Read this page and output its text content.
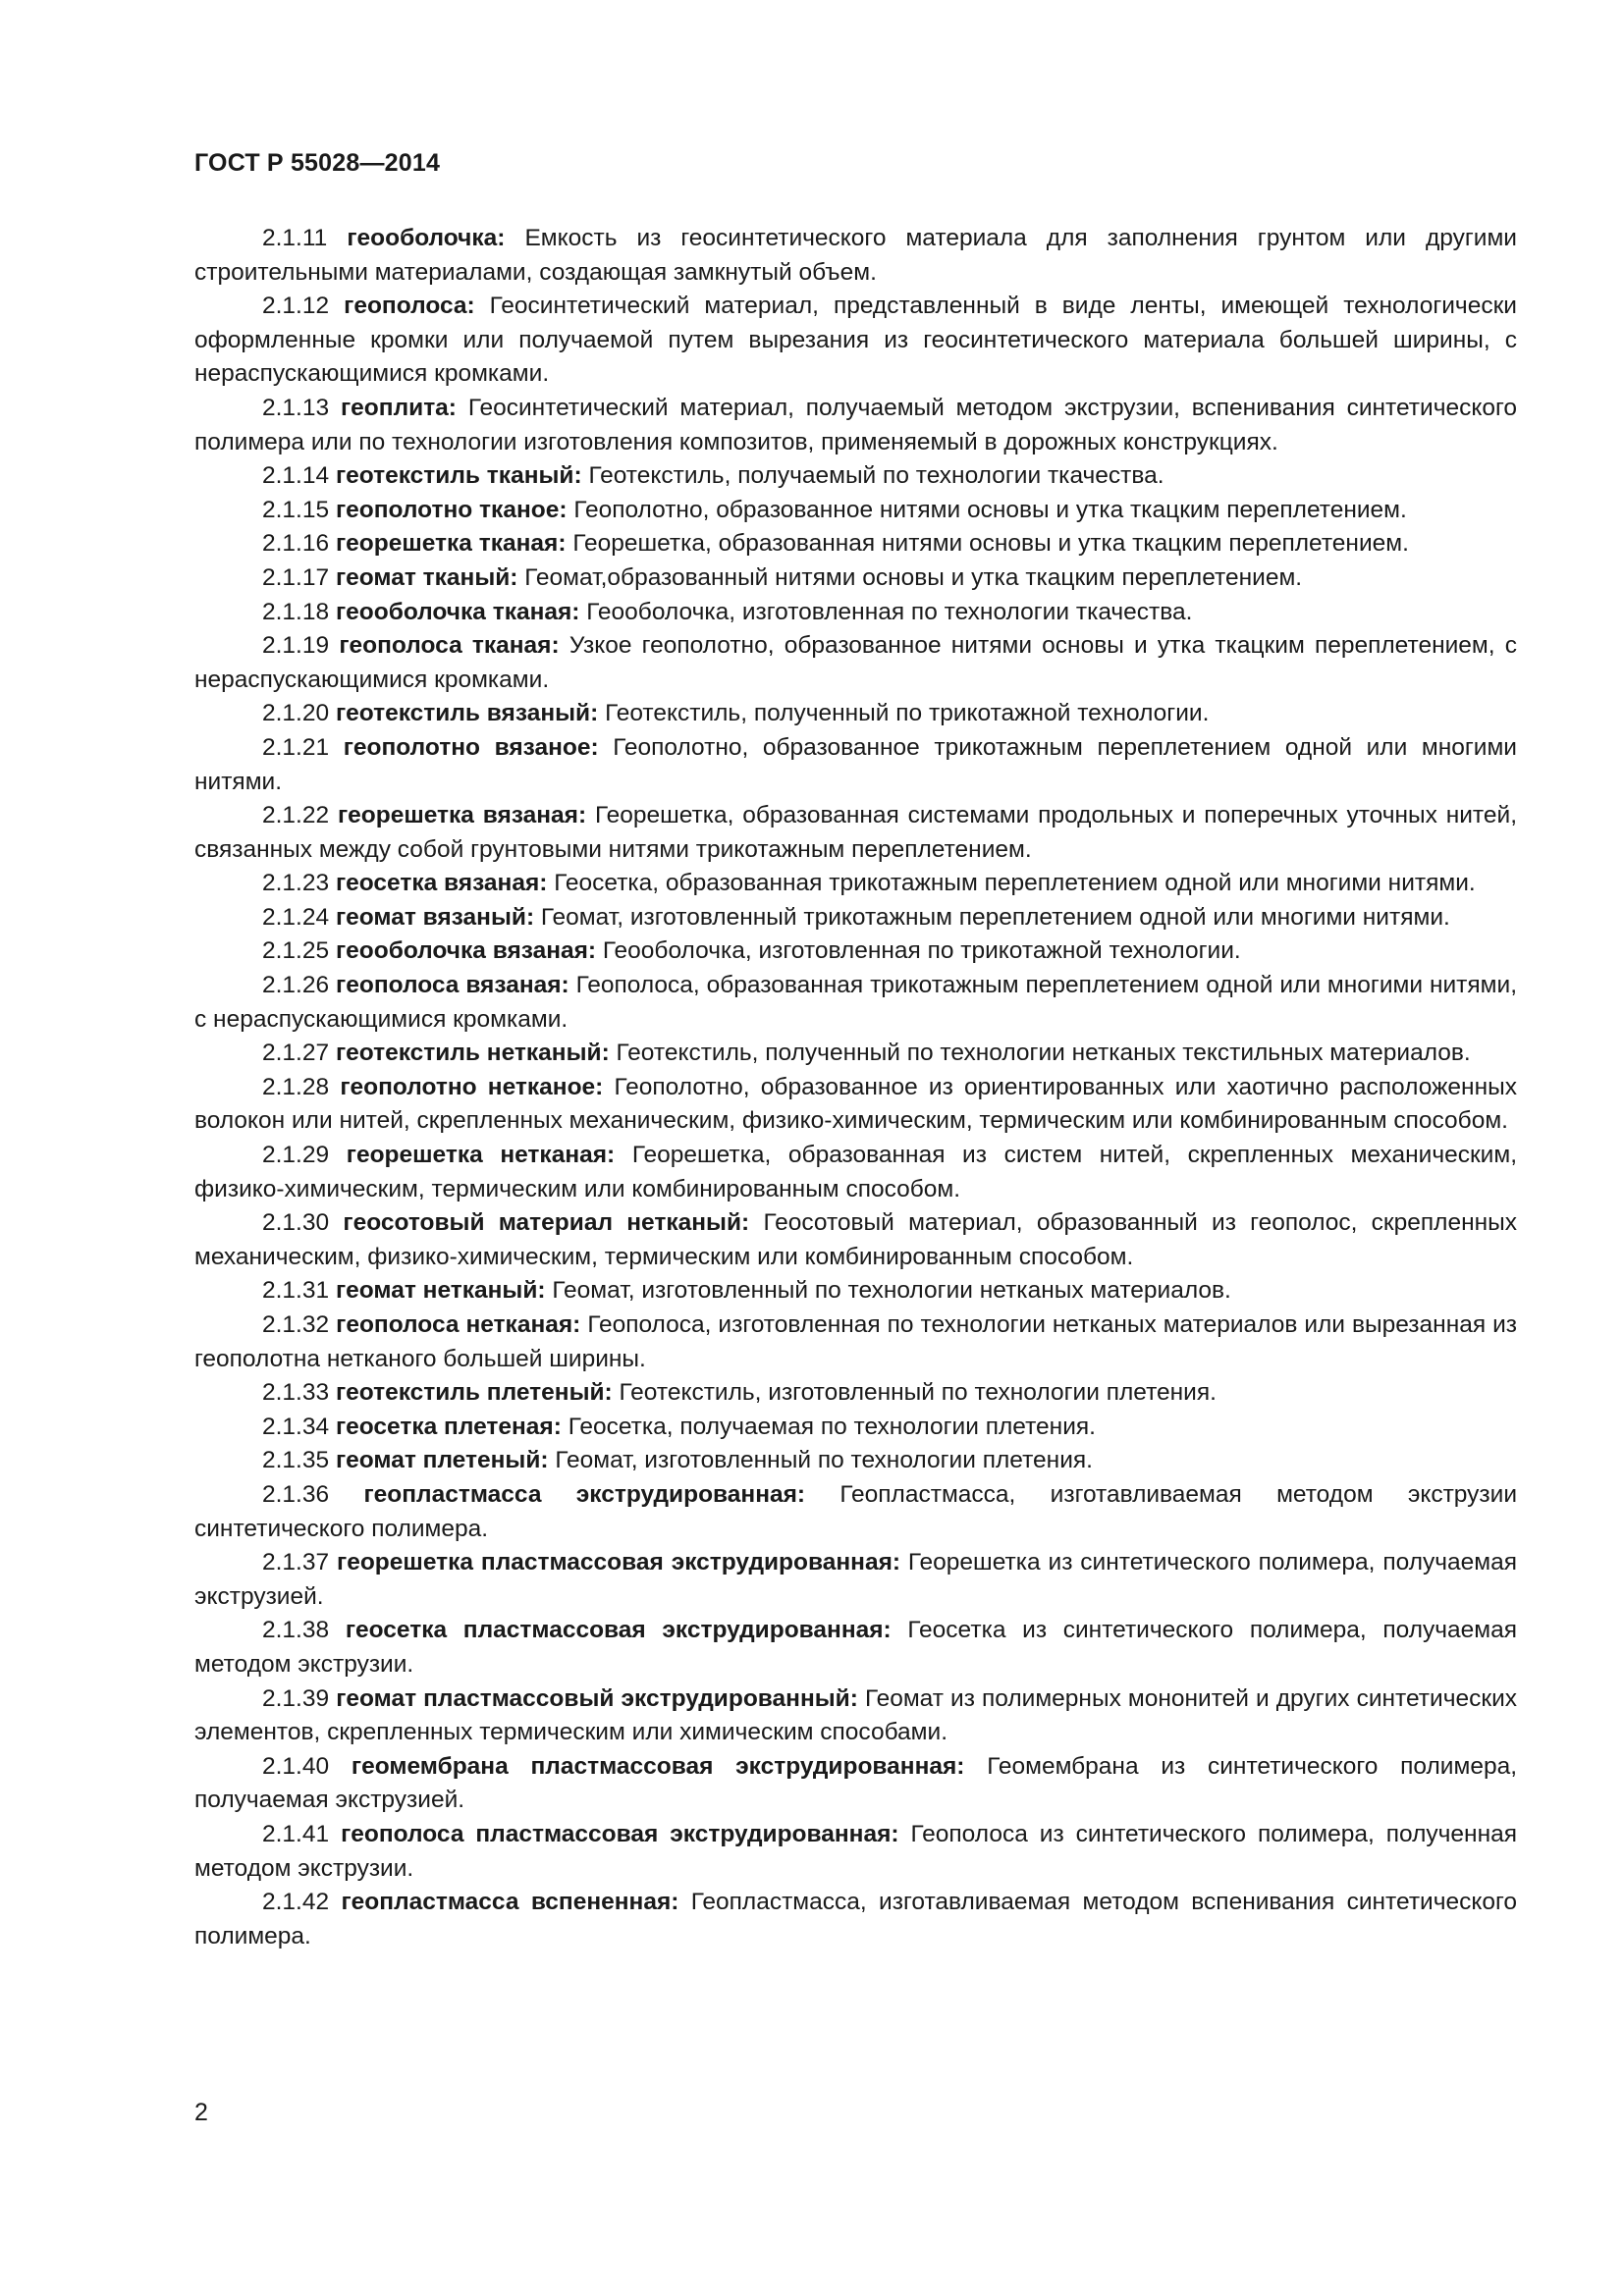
ГОСТ Р 55028—2014

2.1.11 геооболочка: Емкость из геосинтетического материала для заполнения грунтом или другими строительными материалами, создающая замкнутый объем.

2.1.12 геополоса: Геосинтетический материал, представленный в виде ленты, имеющей технологически оформленные кромки или получаемой путем вырезания из геосинтетического материала большей ширины, с нераспускающимися кромками.

2.1.13 геоплита: Геосинтетический материал, получаемый методом экструзии, вспенивания синтетического полимера или по технологии изготовления композитов, применяемый в дорожных конструкциях.

2.1.14 геотекстиль тканый: Геотекстиль, получаемый по технологии ткачества.

2.1.15 геополотно тканое: Геополотно, образованное нитями основы и утка ткацким переплетением.

2.1.16 георешетка тканая: Георешетка, образованная нитями основы и утка ткацким переплетением.

2.1.17 геомат тканый: Геомат,образованный нитями основы и утка ткацким переплетением.

2.1.18 геооболочка тканая: Геооболочка, изготовленная по технологии ткачества.

2.1.19 геополоса тканая: Узкое геополотно, образованное нитями основы и утка ткацким переплетением, с нераспускающимися кромками.

2.1.20 геотекстиль вязаный: Геотекстиль, полученный по трикотажной технологии.

2.1.21 геополотно вязаное: Геополотно, образованное трикотажным переплетением одной или многими нитями.

2.1.22 георешетка вязаная: Георешетка, образованная системами продольных и поперечных уточных нитей, связанных между собой грунтовыми нитями трикотажным переплетением.

2.1.23 геосетка вязаная: Геосетка, образованная трикотажным переплетением одной или многими нитями.

2.1.24 геомат вязаный: Геомат, изготовленный трикотажным переплетением одной или многими нитями.

2.1.25 геооболочка вязаная: Геооболочка, изготовленная по трикотажной технологии.

2.1.26 геополоса вязаная: Геополоса, образованная трикотажным переплетением одной или многими нитями, с нераспускающимися кромками.

2.1.27 геотекстиль нетканый: Геотекстиль, полученный по технологии нетканых текстильных материалов.

2.1.28 геополотно нетканое: Геополотно, образованное из ориентированных или хаотично расположенных волокон или нитей, скрепленных механическим, физико-химическим, термическим или комбинированным способом.

2.1.29 георешетка нетканая: Георешетка, образованная из систем нитей, скрепленных механическим, физико-химическим, термическим или комбинированным способом.

2.1.30 геосотовый материал нетканый: Геосотовый материал, образованный из геополос, скрепленных механическим, физико-химическим, термическим или комбинированным способом.

2.1.31 геомат нетканый: Геомат, изготовленный по технологии нетканых материалов.

2.1.32 геополоса нетканая: Геополоса, изготовленная по технологии нетканых материалов или вырезанная из геополотна нетканого большей ширины.

2.1.33 геотекстиль плетеный: Геотекстиль, изготовленный по технологии плетения.

2.1.34 геосетка плетеная: Геосетка, получаемая по технологии плетения.

2.1.35 геомат плетеный: Геомат, изготовленный по технологии плетения.

2.1.36 геопластмасса экструдированная: Геопластмасса, изготавливаемая методом экструзии синтетического полимера.

2.1.37 георешетка пластмассовая экструдированная: Георешетка из синтетического полимера, получаемая экструзией.

2.1.38 геосетка пластмассовая экструдированная: Геосетка из синтетического полимера, получаемая методом экструзии.

2.1.39 геомат пластмассовый экструдированный: Геомат из полимерных мононитей и других синтетических элементов, скрепленных термическим или химическим способами.

2.1.40 геомембрана пластмассовая экструдированная: Геомембрана из синтетического полимера, получаемая экструзией.

2.1.41 геополоса пластмассовая экструдированная: Геополоса из синтетического полимера, полученная методом экструзии.

2.1.42 геопластмасса вспененная: Геопластмасса, изготавливаемая методом вспенивания синтетического полимера.

2
